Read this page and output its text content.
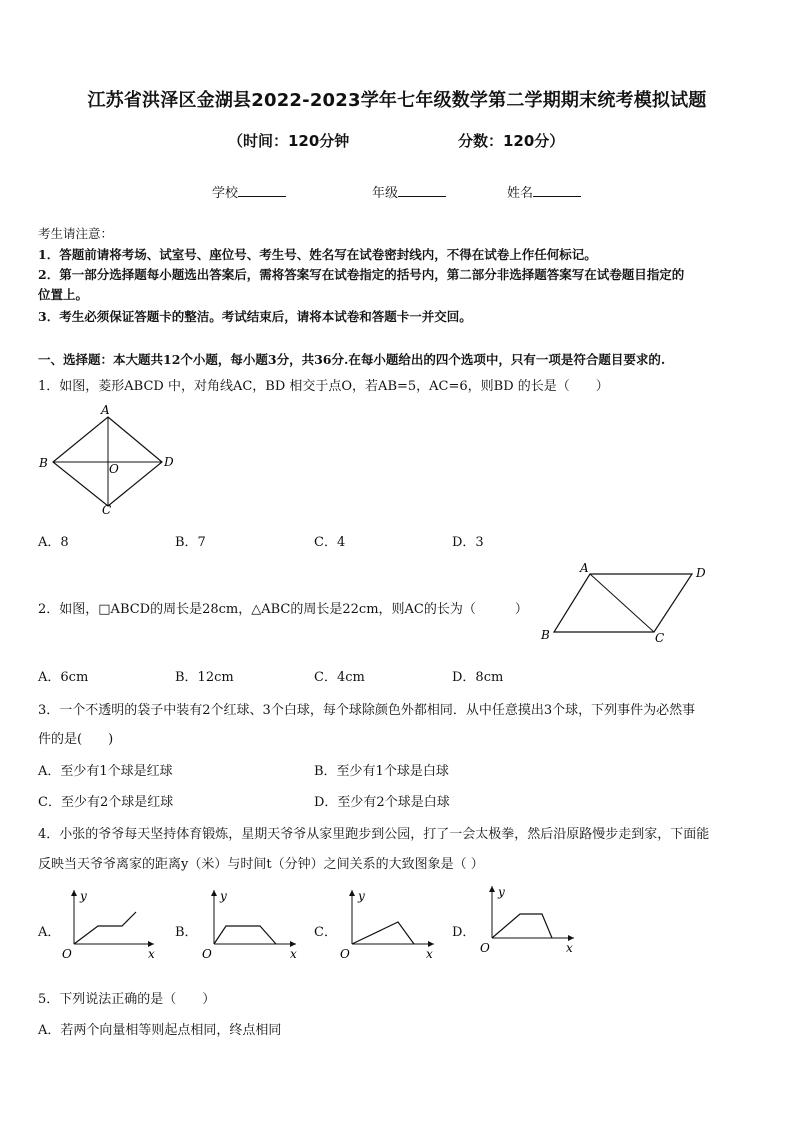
江苏省洪泽区金湖县2022-2023学年七年级数学第二学期期末统考模拟试题
（时间：120分钟	分数：120分）
学校	年级	姓名
考生请注意：
1．答题前请将考场、试室号、座位号、考生号、姓名写在试卷密封线内，不得在试卷上作任何标记。
2．第一部分选择题每小题选出答案后，需将答案写在试卷指定的括号内，第二部分非选择题答案写在试卷题目指定的
位置上。
3．考生必须保证答题卡的整洁。考试结束后，请将本试卷和答题卡一并交回。
一、选择题：本大题共12个小题，每小题3分，共36分.在每小题给出的四个选项中，只有一项是符合题目要求的.
1．如图，菱形ABCD 中，对角线AC，BD 相交于点O，若AB=5，AC=6，则BD 的长是（　　）
A
B	O	D
C
A．8	B．7	C．4	D．3
2．如图，□ABCD的周长是28cm，△ABC的周长是22cm，则AC的长为（　　　）
A	D
B	C
A．6cm	B．12cm	C．4cm	D．8cm
3．一个不透明的袋子中装有2个红球、3个白球，每个球除颜色外都相同．从中任意摸出3个球，下列事件为必然事
件的是(　　)
A．至少有1个球是红球	B．至少有1个球是白球
C．至少有2个球是红球	D．至少有2个球是白球
4．小张的爷爷每天坚持体育锻炼，星期天爷爷从家里跑步到公园，打了一会太极拳，然后沿原路慢步走到家，下面能
反映当天爷爷离家的距离y（米）与时间t（分钟）之间关系的大致图象是（ ）
A．	B．	C．	D．
y
x
O
y
x
O
y
x
O
y
x
O
5．下列说法正确的是（　　）
A．若两个向量相等则起点相同，终点相同
